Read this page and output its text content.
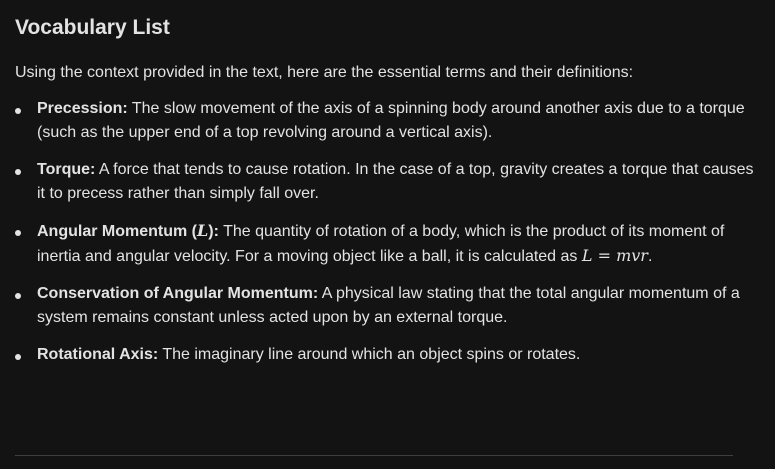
Vocabulary List

Using the context provided in the text, here are the essential terms and their definitions:

Precession: The slow movement of the axis of a spinning body around another axis due to a torque (such as the upper end of a top revolving around a vertical axis).
Torque: A force that tends to cause rotation. In the case of a top, gravity creates a torque that causes it to precess rather than simply fall over.
Angular Momentum (L): The quantity of rotation of a body, which is the product of its moment of inertia and angular velocity. For a moving object like a ball, it is calculated as L = mvr.
Conservation of Angular Momentum: A physical law stating that the total angular momentum of a system remains constant unless acted upon by an external torque.
Rotational Axis: The imaginary line around which an object spins or rotates.
